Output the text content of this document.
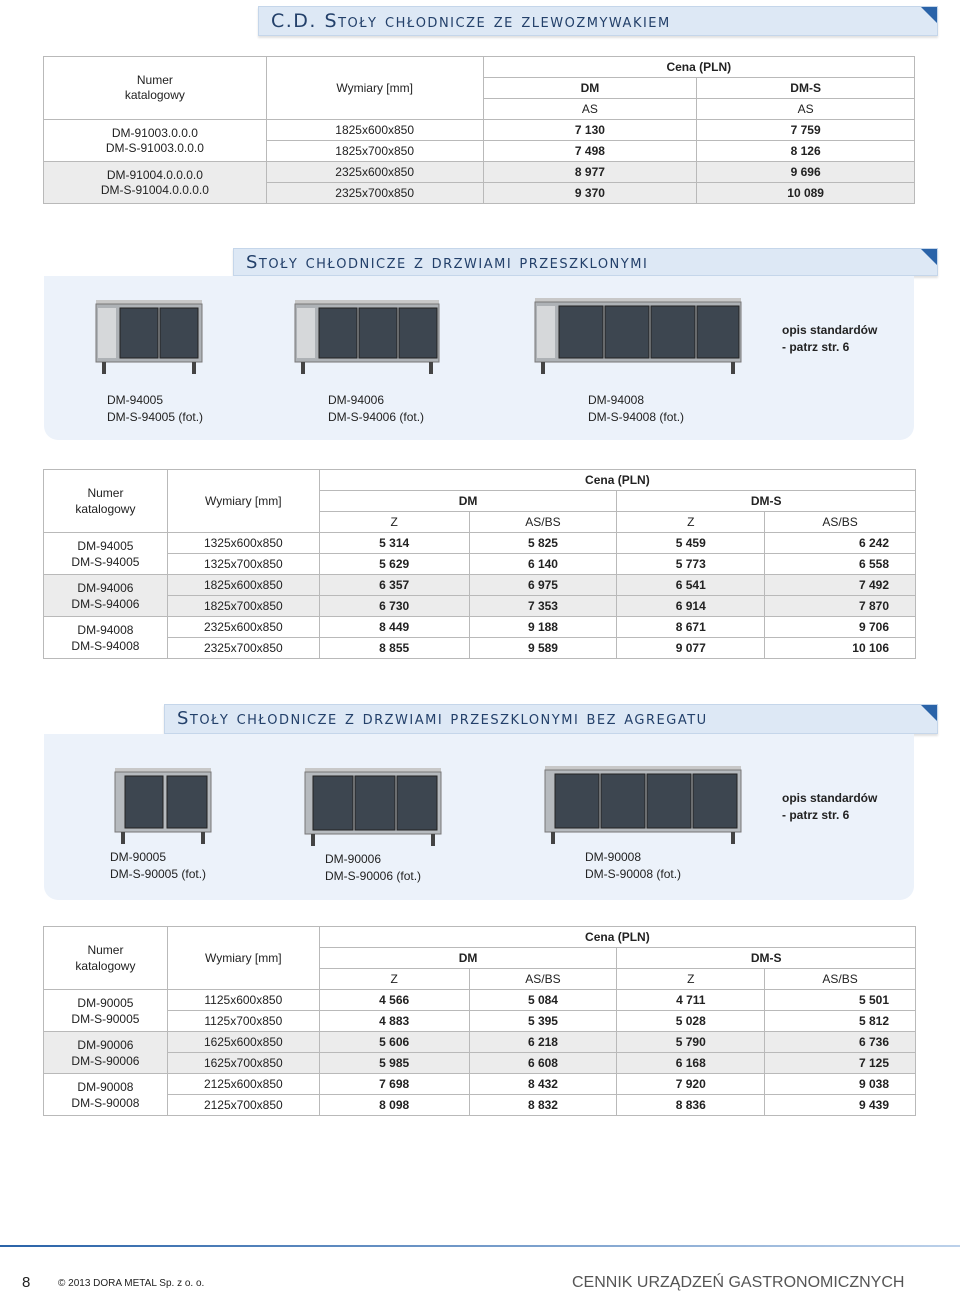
C.D. Stoły chłodnicze ze zlewozmywakiem
Numer
katalogowy	Wymiary [mm]	Cena (PLN)	
		DM	DM-S
		AS	AS
DM-91003.0.0.0
DM-S-91003.0.0.0	1825x600x850	7 130	7 759
	1825x700x850	7 498	8 126
DM-91004.0.0.0.0
DM-S-91004.0.0.0.0	2325x600x850	8 977	9 696
	2325x700x850	9 370	10 089
Stoły chłodnicze z drzwiami przeszklonymi
opis standardów
- patrz str. 6
DM-94005
DM-S-94005 (fot.)
DM-94006
DM-S-94006 (fot.)
DM-94008
DM-S-94008 (fot.)
Numer
katalogowy	Wymiary [mm]	Cena (PLN)			
		DM		DM-S	
		Z	AS/BS	Z	AS/BS
DM-94005
DM-S-94005	1325x600x850	5 314	5 825	5 459	6 242
	1325x700x850	5 629	6 140	5 773	6 558
DM-94006
DM-S-94006	1825x600x850	6 357	6 975	6 541	7 492
	1825x700x850	6 730	7 353	6 914	7 870
DM-94008
DM-S-94008	2325x600x850	8 449	9 188	8 671	9 706
	2325x700x850	8 855	9 589	9 077	10 106
Stoły chłodnicze z drzwiami przeszklonymi bez agregatu
opis standardów
- patrz str. 6
DM-90005
DM-S-90005 (fot.)
DM-90006
DM-S-90006 (fot.)
DM-90008
DM-S-90008 (fot.)
Numer
katalogowy	Wymiary [mm]	Cena (PLN)			
		DM		DM-S	
		Z	AS/BS	Z	AS/BS
DM-90005
DM-S-90005	1125x600x850	4 566	5 084	4 711	5 501
	1125x700x850	4 883	5 395	5 028	5 812
DM-90006
DM-S-90006	1625x600x850	5 606	6 218	5 790	6 736
	1625x700x850	5 985	6 608	6 168	7 125
DM-90008
DM-S-90008	2125x600x850	7 698	8 432	7 920	9 038
	2125x700x850	8 098	8 832	8 836	9 439
8	© 2013 DORA METAL Sp. z o. o.	CENNIK URZĄDZEŃ GASTRONOMICZNYCH
